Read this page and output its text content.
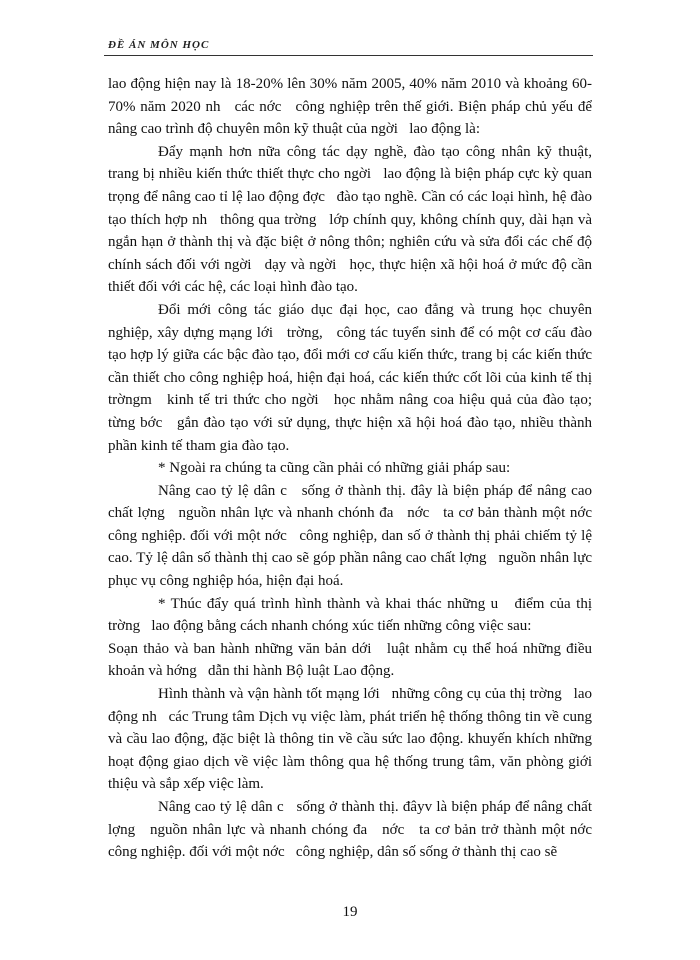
ĐỀ ÁN MÔN HỌC

lao động hiện nay là 18-20% lên 30% năm 2005, 40% năm 2010 và khoảng 60-70% năm 2020 nh   các nớc   công nghiệp trên thế giới. Biện pháp chủ yếu để nâng cao trình độ chuyên môn kỹ thuật của ngời   lao động là:

Đẩy mạnh hơn nữa công tác dạy nghề, đào tạo công nhân kỹ thuật, trang bị nhiều kiến thức thiết thực cho ngời   lao động là biện pháp cực kỳ quan trọng để nâng cao tỉ lệ lao động đợc   đào tạo nghề. Cần có các loại hình, hệ đào tạo thích hợp nh   thông qua trờng   lớp chính quy, không chính quy, dài hạn và ngắn hạn ở thành thị và đặc biệt ở nông thôn; nghiên cứu và sửa đổi các chế độ chính sách đối với ngời   dạy và ngời   học, thực hiện xã hội hoá ở mức độ cần thiết đối với các hệ, các loại hình đào tạo.

Đổi mới công tác giáo dục đại học, cao đẳng và trung học chuyên nghiệp, xây dựng mạng lới   trờng,   công tác tuyển sinh để có một cơ cấu đào tạo hợp lý giữa các bậc đào tạo, đổi mới cơ cấu kiến thức, trang bị các kiến thức cần thiết cho công nghiệp hoá, hiện đại hoá, các kiến thức cốt lõi của kinh tế thị trờngm   kinh tế tri thức cho ngời   học nhằm nâng coa hiệu quả của đào tạo; từng bớc   gắn đào tạo với sử dụng, thực hiện xã hội hoá đào tạo, nhiều thành phần kinh tế tham gia đào tạo.

* Ngoài ra chúng ta cũng cần phải có những giải pháp sau:

Nâng cao tỷ lệ dân c   sống ở thành thị. đây là biện pháp để nâng cao chất lợng   nguồn nhân lực và nhanh chónh đa   nớc   ta cơ bản thành một nớc công nghiệp. đối với một nớc   công nghiệp, dan số ở thành thị phải chiếm tỷ lệ cao. Tỷ lệ dân số thành thị cao sẽ góp phần nâng cao chất lợng   nguồn nhân lực phục vụ công nghiệp hóa, hiện đại hoá.

* Thúc đẩy quá trình hình thành và khai thác những u   điểm của thị trờng   lao động bằng cách nhanh chóng xúc tiến những công việc sau:

Soạn thảo và ban hành những văn bản dới   luật nhằm cụ thể hoá những điều khoản và hớng   dẫn thi hành Bộ luật Lao động.

Hình thành và vận hành tốt mạng lới   những công cụ của thị trờng   lao động nh   các Trung tâm Dịch vụ việc làm, phát triển hệ thống thông tin về cung và cầu lao động, đặc biệt là thông tin về cầu sức lao động. khuyến khích những hoạt động giao dịch về việc làm thông qua hệ thống trung tâm, văn phòng giới thiệu và sắp xếp việc làm.

Nâng cao tỷ lệ dân c   sống ở thành thị. đâyv là biện pháp để nâng chất lợng   nguồn nhân lực và nhanh chóng đa   nớc   ta cơ bản trở thành một nớc công nghiệp. đối với một nớc   công nghiệp, dân số sống ở thành thị cao sẽ

19
